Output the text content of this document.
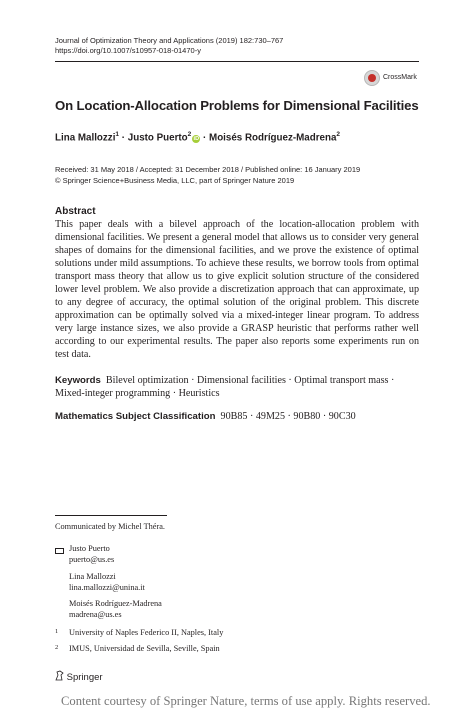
Journal of Optimization Theory and Applications (2019) 182:730–767
https://doi.org/10.1007/s10957-018-01470-y
CrossMark
On Location-Allocation Problems for Dimensional Facilities
Lina Mallozzi$^1$ · Justo Puerto$^2$iD · Moisés Rodríguez-Madrena$^2$
Received: 31 May 2018 / Accepted: 31 December 2018 / Published online: 16 January 2019
© Springer Science+Business Media, LLC, part of Springer Nature 2019
Abstract
This paper deals with a bilevel approach of the location-allocation problem with dimensional facilities. We present a general model that allows us to consider very general shapes of domains for the dimensional facilities, and we prove the existence of optimal solutions under mild assumptions. To achieve these results, we borrow tools from optimal transport mass theory that allow us to give explicit solution structure of the considered lower level problem. We also provide a discretization approach that can approximate, up to any degree of accuracy, the optimal solution of the original problem. This discrete approximation can be optimally solved via a mixed-integer linear program. To address very large instance sizes, we also provide a GRASP heuristic that performs rather well according to our experimental results. The paper also reports some experiments run on test data.
Keywords Bilevel optimization · Dimensional facilities · Optimal transport mass · Mixed-integer programming · Heuristics
Mathematics Subject Classification 90B85 · 49M25 · 90B80 · 90C30
Communicated by Michel Théra.
Justo Puerto
puerto@us.es
Lina Mallozzi
lina.mallozzi@unina.it
Moisés Rodríguez-Madrena
madrena@us.es
1 University of Naples Federico II, Naples, Italy
2 IMUS, Universidad de Sevilla, Seville, Spain
Springer
Content courtesy of Springer Nature, terms of use apply. Rights reserved.
